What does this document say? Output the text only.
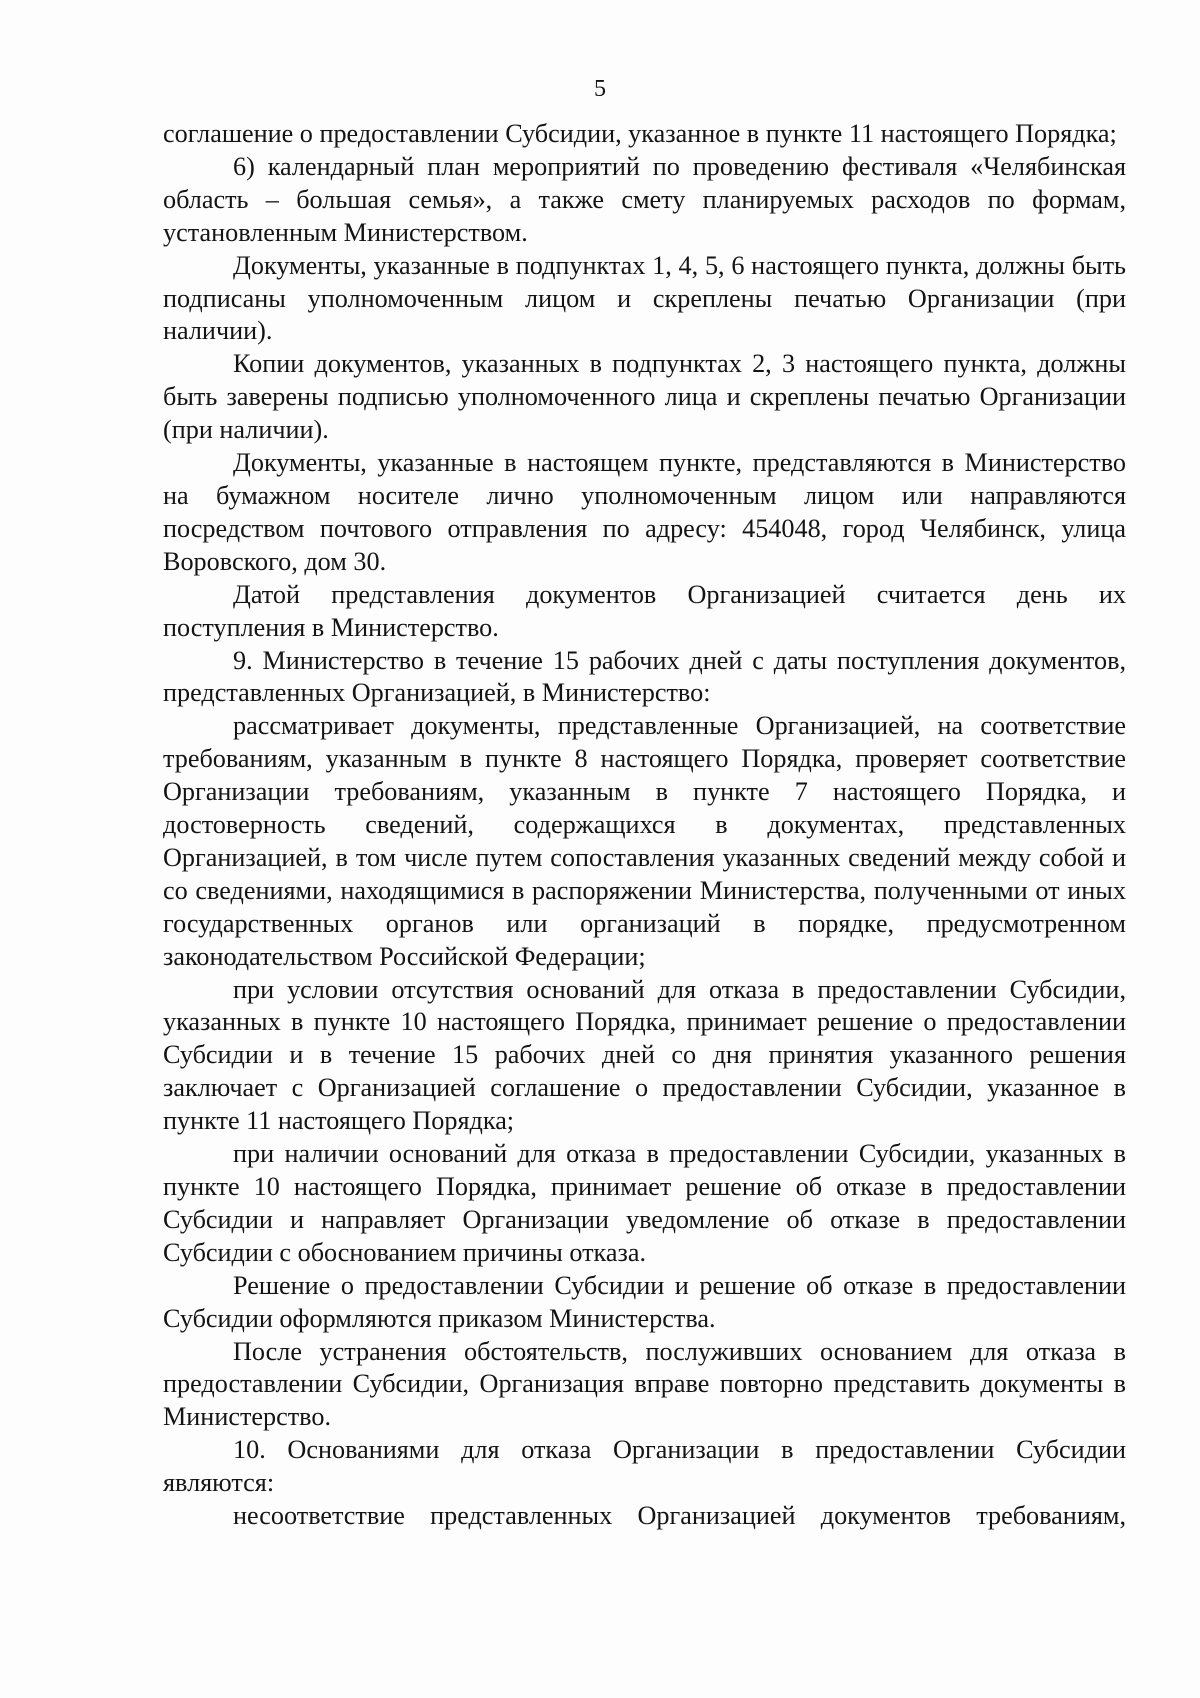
5

соглашение о предоставлении Субсидии, указанное в пункте 11 настоящего Порядка;

6) календарный план мероприятий по проведению фестиваля «Челябинская область – большая семья», а также смету планируемых расходов по формам, установленным Министерством.

Документы, указанные в подпунктах 1, 4, 5, 6 настоящего пункта, должны быть подписаны уполномоченным лицом и скреплены печатью Организации (при наличии).

Копии документов, указанных в подпунктах 2, 3 настоящего пункта, должны быть заверены подписью уполномоченного лица и скреплены печатью Организации (при наличии).

Документы, указанные в настоящем пункте, представляются в Министерство на бумажном носителе лично уполномоченным лицом или направляются посредством почтового отправления по адресу: 454048, город Челябинск, улица Воровского, дом 30.

Датой представления документов Организацией считается день их поступления в Министерство.

9. Министерство в течение 15 рабочих дней с даты поступления документов, представленных Организацией, в Министерство:

рассматривает документы, представленные Организацией, на соответствие требованиям, указанным в пункте 8 настоящего Порядка, проверяет соответствие Организации требованиям, указанным в пункте 7 настоящего Порядка, и достоверность сведений, содержащихся в документах, представленных Организацией, в том числе путем сопоставления указанных сведений между собой и со сведениями, находящимися в распоряжении Министерства, полученными от иных государственных органов или организаций в порядке, предусмотренном законодательством Российской Федерации;

при условии отсутствия оснований для отказа в предоставлении Субсидии, указанных в пункте 10 настоящего Порядка, принимает решение о предоставлении Субсидии и в течение 15 рабочих дней со дня принятия указанного решения заключает с Организацией соглашение о предоставлении Субсидии, указанное в пункте 11 настоящего Порядка;

при наличии оснований для отказа в предоставлении Субсидии, указанных в пункте 10 настоящего Порядка, принимает решение об отказе в предоставлении Субсидии и направляет Организации уведомление об отказе в предоставлении Субсидии с обоснованием причины отказа.

Решение о предоставлении Субсидии и решение об отказе в предоставлении Субсидии оформляются приказом Министерства.

После устранения обстоятельств, послуживших основанием для отказа в предоставлении Субсидии, Организация вправе повторно представить документы в Министерство.

10. Основаниями для отказа Организации в предоставлении Субсидии являются:

несоответствие представленных Организацией документов требованиям,
